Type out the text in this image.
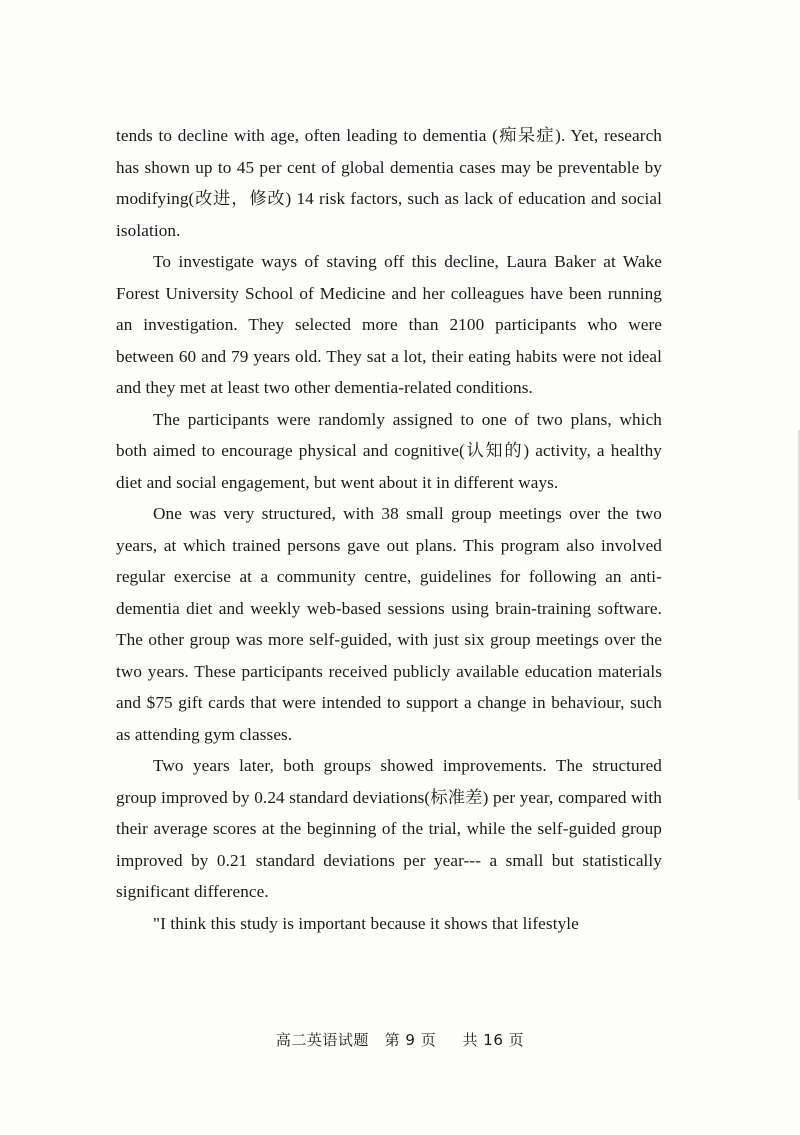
tends to decline with age, often leading to dementia (痴呆症). Yet, research has shown up to 45 per cent of global dementia cases may be preventable by modifying(改进，修改) 14 risk factors, such as lack of education and social isolation.

To investigate ways of staving off this decline, Laura Baker at Wake Forest University School of Medicine and her colleagues have been running an investigation. They selected more than 2100 participants who were between 60 and 79 years old. They sat a lot, their eating habits were not ideal and they met at least two other dementia-related conditions.

The participants were randomly assigned to one of two plans, which both aimed to encourage physical and cognitive(认知的) activity, a healthy diet and social engagement, but went about it in different ways.

One was very structured, with 38 small group meetings over the two years, at which trained persons gave out plans. This program also involved regular exercise at a community centre, guidelines for following an anti-dementia diet and weekly web-based sessions using brain-training software. The other group was more self-guided, with just six group meetings over the two years. These participants received publicly available education materials and $75 gift cards that were intended to support a change in behaviour, such as attending gym classes.

Two years later, both groups showed improvements. The structured group improved by 0.24 standard deviations(标准差) per year, compared with their average scores at the beginning of the trial, while the self-guided group improved by 0.21 standard deviations per year--- a small but statistically significant difference.

"I think this study is important because it shows that lifestyle

高二英语试题   第 9 页     共 16 页
